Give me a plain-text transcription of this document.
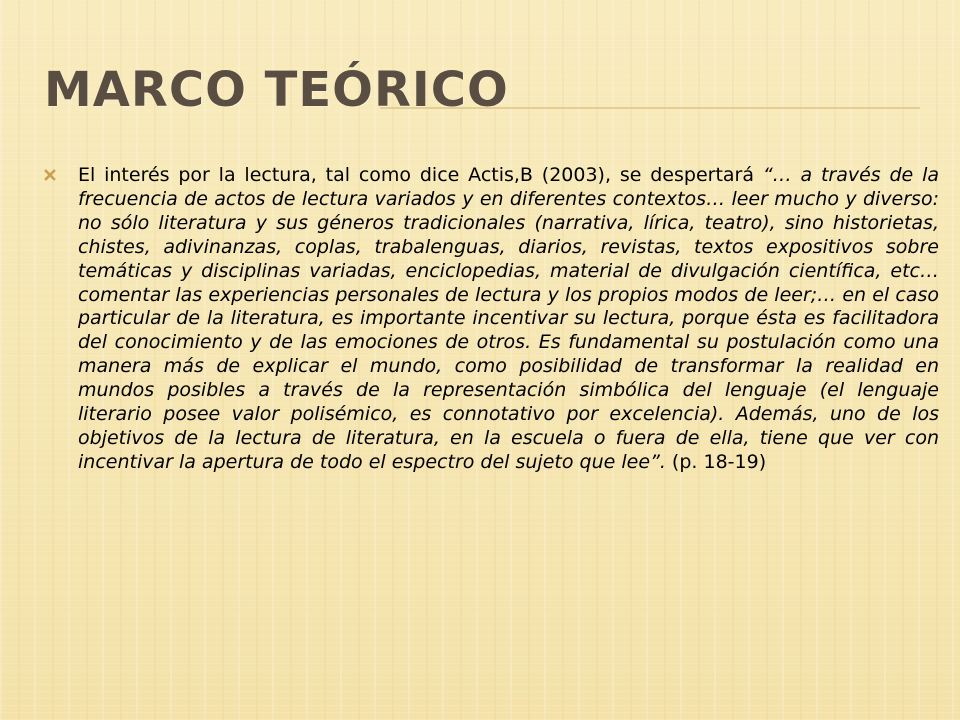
MARCO TEÓRICO

El interés por la lectura, tal como dice Actis,B (2003), se despertará “… a través de la frecuencia de actos de lectura variados y en diferentes contextos… leer mucho y diverso: no sólo literatura y sus géneros tradicionales (narrativa, lírica, teatro), sino historietas, chistes, adivinanzas, coplas, trabalenguas, diarios, revistas, textos expositivos sobre temáticas y disciplinas variadas, enciclopedias, material de divulgación científica, etc… comentar las experiencias personales de lectura y los propios modos de leer;… en el caso particular de la literatura, es importante incentivar su lectura, porque ésta es facilitadora del conocimiento y de las emociones de otros. Es fundamental su postulación como una manera más de explicar el mundo, como posibilidad de transformar la realidad en mundos posibles a través de la representación simbólica del lenguaje (el lenguaje literario posee valor polisémico, es connotativo por excelencia). Además, uno de los objetivos de la lectura de literatura, en la escuela o fuera de ella, tiene que ver con incentivar la apertura de todo el espectro del sujeto que lee”. (p. 18-19)
